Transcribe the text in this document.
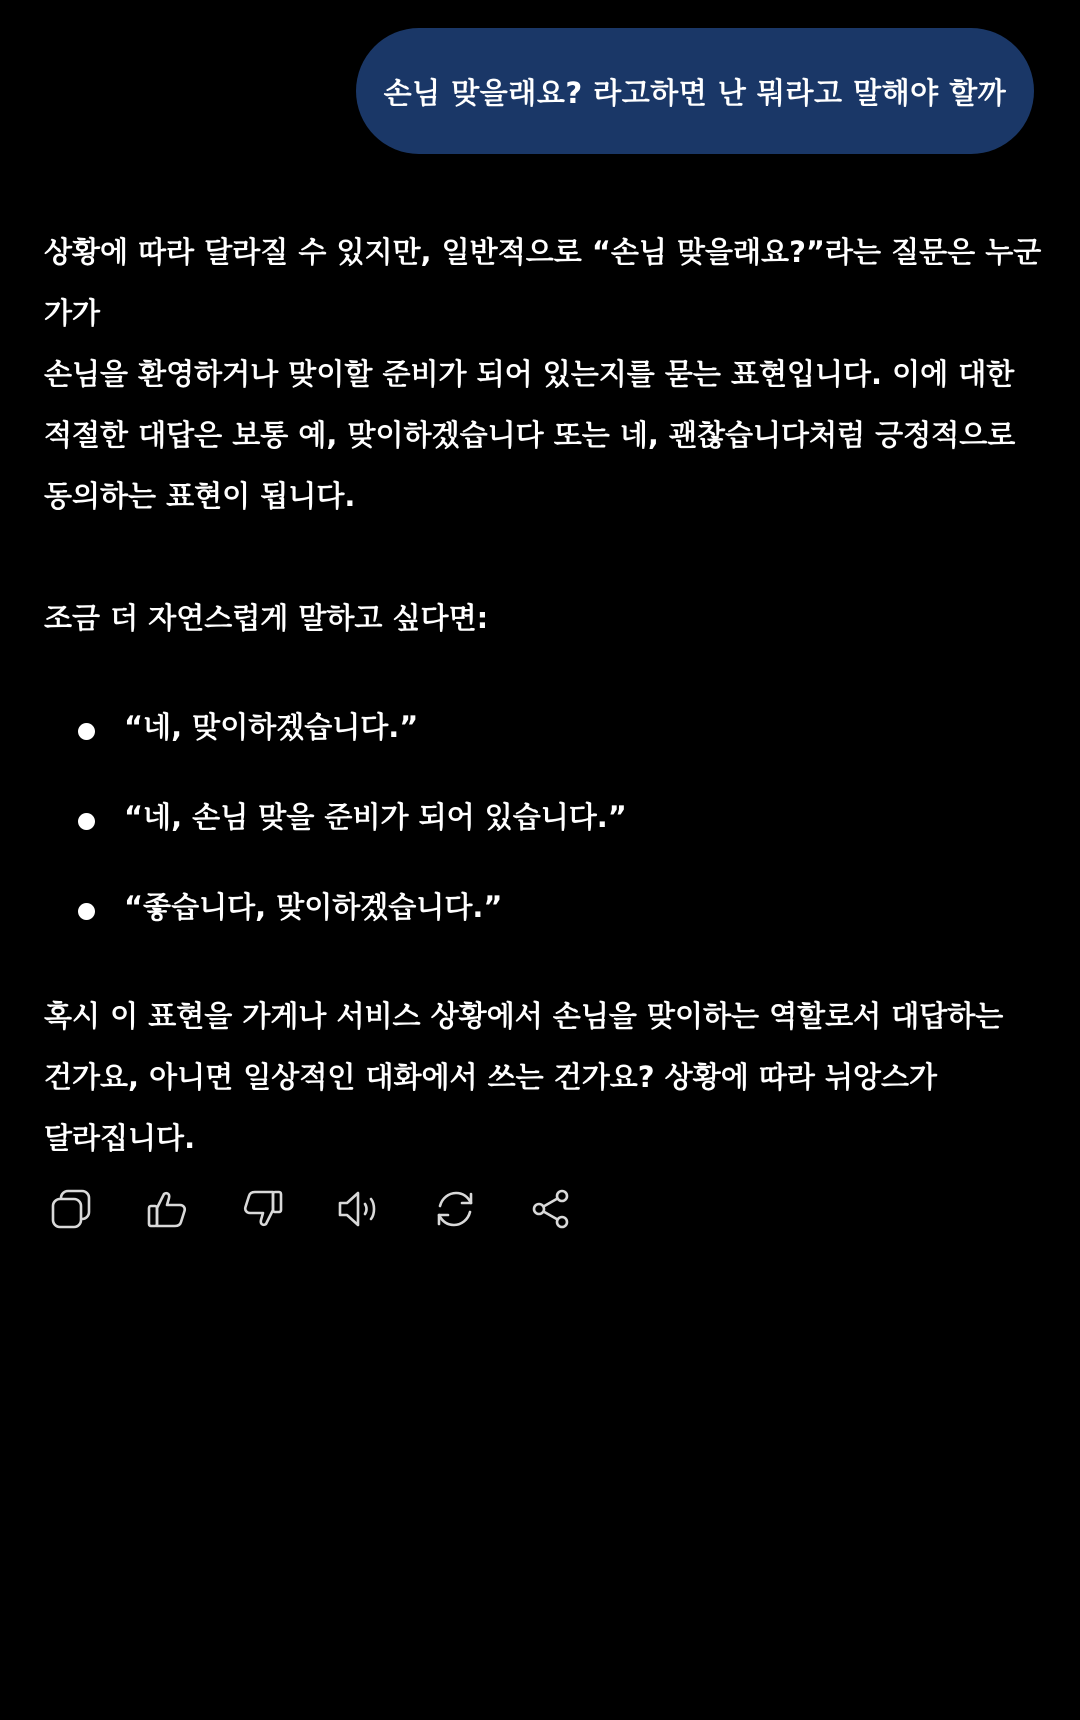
손님 맞을래요? 라고하면 난 뭐라고 말해야 할까

상황에 따라 달라질 수 있지만, 일반적으로 “손님 맞을래요?”라는 질문은 누군가가
손님을 환영하거나 맞이할 준비가 되어 있는지를 묻는 표현입니다. 이에 대한
적절한 대답은 보통 예, 맞이하겠습니다 또는 네, 괜찮습니다처럼 긍정적으로
동의하는 표현이 됩니다.

조금 더 자연스럽게 말하고 싶다면:

“네, 맞이하겠습니다.”
“네, 손님 맞을 준비가 되어 있습니다.”
“좋습니다, 맞이하겠습니다.”

혹시 이 표현을 가게나 서비스 상황에서 손님을 맞이하는 역할로서 대답하는
건가요, 아니면 일상적인 대화에서 쓰는 건가요? 상황에 따라 뉘앙스가
달라집니다.
